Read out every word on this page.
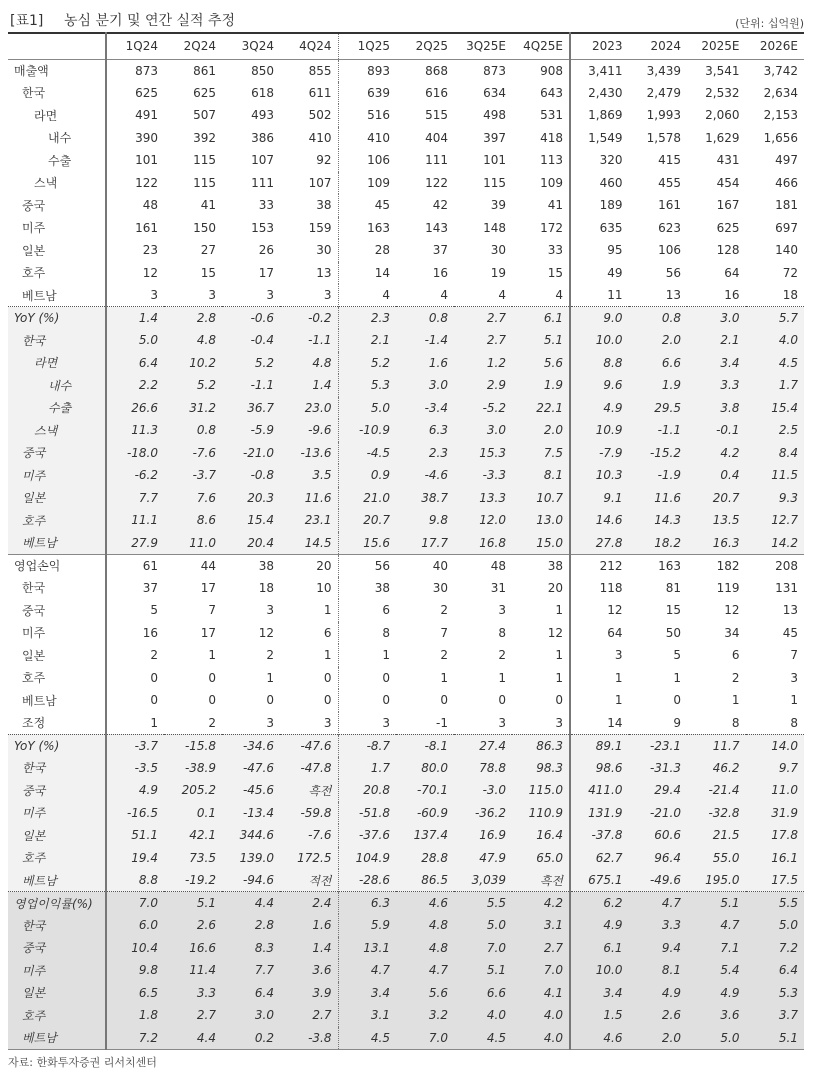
[표1] 농심 분기 및 연간 실적 추정	(단위: 십억원)
	1Q24	2Q24	3Q24	4Q24	1Q25	2Q25	3Q25E	4Q25E	2023	2024	2025E	2026E
매출액	873	861	850	855	893	868	873	908	3,411	3,439	3,541	3,742
한국	625	625	618	611	639	616	634	643	2,430	2,479	2,532	2,634
라면	491	507	493	502	516	515	498	531	1,869	1,993	2,060	2,153
내수	390	392	386	410	410	404	397	418	1,549	1,578	1,629	1,656
수출	101	115	107	92	106	111	101	113	320	415	431	497
스낵	122	115	111	107	109	122	115	109	460	455	454	466
중국	48	41	33	38	45	42	39	41	189	161	167	181
미주	161	150	153	159	163	143	148	172	635	623	625	697
일본	23	27	26	30	28	37	30	33	95	106	128	140
호주	12	15	17	13	14	16	19	15	49	56	64	72
베트남	3	3	3	3	4	4	4	4	11	13	16	18
YoY (%)	1.4	2.8	-0.6	-0.2	2.3	0.8	2.7	6.1	9.0	0.8	3.0	5.7
한국	5.0	4.8	-0.4	-1.1	2.1	-1.4	2.7	5.1	10.0	2.0	2.1	4.0
라면	6.4	10.2	5.2	4.8	5.2	1.6	1.2	5.6	8.8	6.6	3.4	4.5
내수	2.2	5.2	-1.1	1.4	5.3	3.0	2.9	1.9	9.6	1.9	3.3	1.7
수출	26.6	31.2	36.7	23.0	5.0	-3.4	-5.2	22.1	4.9	29.5	3.8	15.4
스낵	11.3	0.8	-5.9	-9.6	-10.9	6.3	3.0	2.0	10.9	-1.1	-0.1	2.5
중국	-18.0	-7.6	-21.0	-13.6	-4.5	2.3	15.3	7.5	-7.9	-15.2	4.2	8.4
미주	-6.2	-3.7	-0.8	3.5	0.9	-4.6	-3.3	8.1	10.3	-1.9	0.4	11.5
일본	7.7	7.6	20.3	11.6	21.0	38.7	13.3	10.7	9.1	11.6	20.7	9.3
호주	11.1	8.6	15.4	23.1	20.7	9.8	12.0	13.0	14.6	14.3	13.5	12.7
베트남	27.9	11.0	20.4	14.5	15.6	17.7	16.8	15.0	27.8	18.2	16.3	14.2
영업손익	61	44	38	20	56	40	48	38	212	163	182	208
한국	37	17	18	10	38	30	31	20	118	81	119	131
중국	5	7	3	1	6	2	3	1	12	15	12	13
미주	16	17	12	6	8	7	8	12	64	50	34	45
일본	2	1	2	1	1	2	2	1	3	5	6	7
호주	0	0	1	0	0	1	1	1	1	1	2	3
베트남	0	0	0	0	0	0	0	0	1	0	1	1
조정	1	2	3	3	3	-1	3	3	14	9	8	8
YoY (%)	-3.7	-15.8	-34.6	-47.6	-8.7	-8.1	27.4	86.3	89.1	-23.1	11.7	14.0
한국	-3.5	-38.9	-47.6	-47.8	1.7	80.0	78.8	98.3	98.6	-31.3	46.2	9.7
중국	4.9	205.2	-45.6	흑전	20.8	-70.1	-3.0	115.0	411.0	29.4	-21.4	11.0
미주	-16.5	0.1	-13.4	-59.8	-51.8	-60.9	-36.2	110.9	131.9	-21.0	-32.8	31.9
일본	51.1	42.1	344.6	-7.6	-37.6	137.4	16.9	16.4	-37.8	60.6	21.5	17.8
호주	19.4	73.5	139.0	172.5	104.9	28.8	47.9	65.0	62.7	96.4	55.0	16.1
베트남	8.8	-19.2	-94.6	적전	-28.6	86.5	3,039	흑전	675.1	-49.6	195.0	17.5
영업이익률(%)	7.0	5.1	4.4	2.4	6.3	4.6	5.5	4.2	6.2	4.7	5.1	5.5
한국	6.0	2.6	2.8	1.6	5.9	4.8	5.0	3.1	4.9	3.3	4.7	5.0
중국	10.4	16.6	8.3	1.4	13.1	4.8	7.0	2.7	6.1	9.4	7.1	7.2
미주	9.8	11.4	7.7	3.6	4.7	4.7	5.1	7.0	10.0	8.1	5.4	6.4
일본	6.5	3.3	6.4	3.9	3.4	5.6	6.6	4.1	3.4	4.9	4.9	5.3
호주	1.8	2.7	3.0	2.7	3.1	3.2	4.0	4.0	1.5	2.6	3.6	3.7
베트남	7.2	4.4	0.2	-3.8	4.5	7.0	4.5	4.0	4.6	2.0	5.0	5.1
자료: 한화투자증권 리서치센터
